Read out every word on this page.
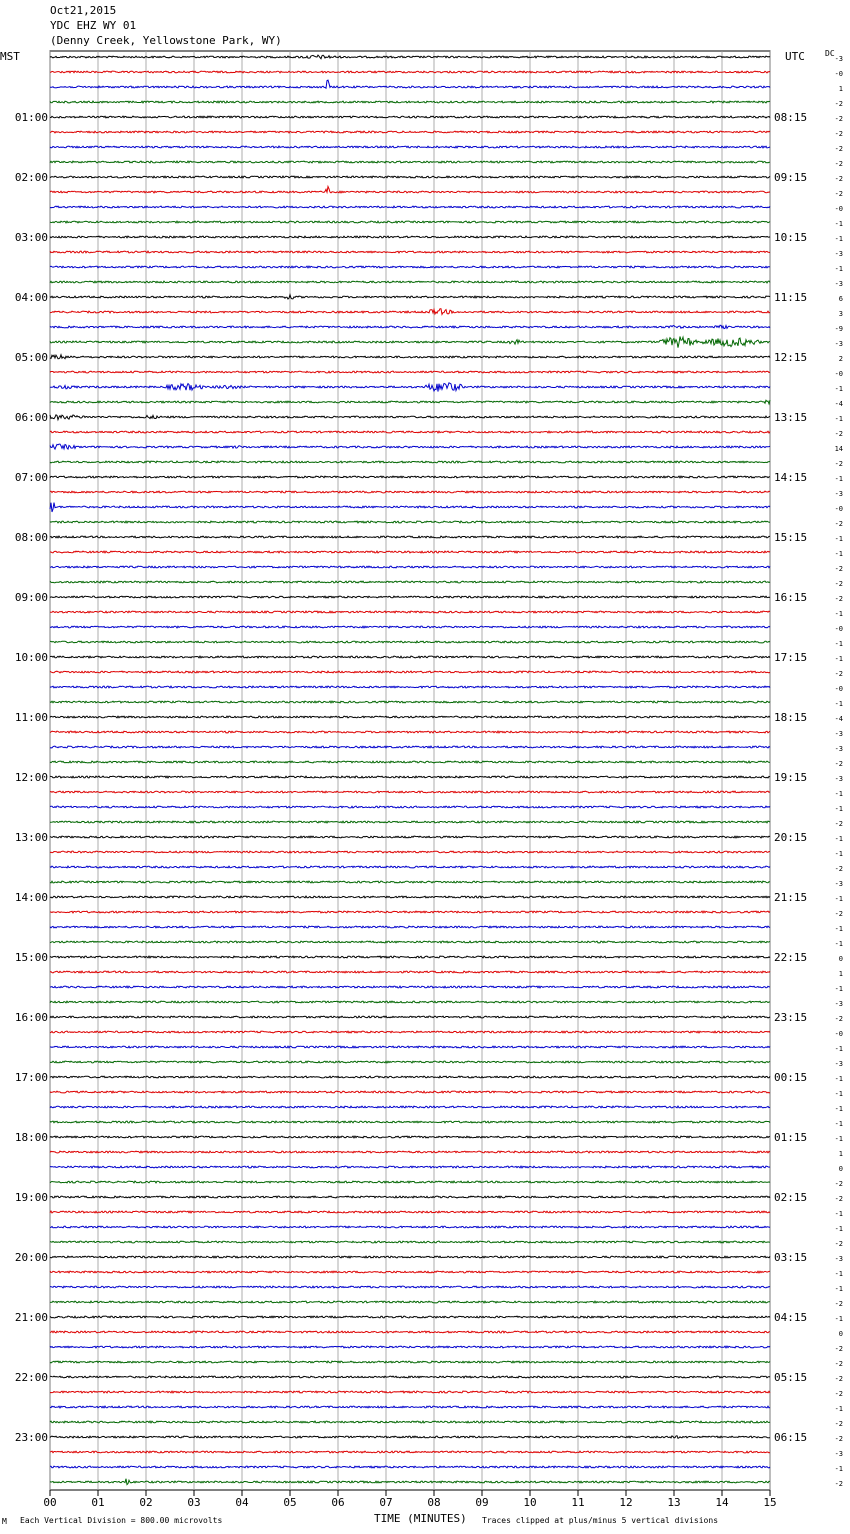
Oct21,2015
YDC EHZ WY 01
(Denny Creek, Yellowstone Park, WY)
MST	UTC	DC
00	01	02	03	04	05	06	07	08	09	10	11	12	13	14	15
-3
-0
1
-2
-2
-2
-2
-2
-2
-2
-0
-1
-1
-3
-1
-3
6
3
-9
-3
2
-0
-1
-4
-1
-2
14
-2
-1
-3
-0
-2
-1
-1
-2
-2
-2
-1
-0
-1
-1
-2
-0
-1
-4
-3
-3
-2
-3
-1
-1
-2
-1
-1
-2
-3
-1
-2
-1
-1
0
1
-1
-3
-2
-0
-1
-3
-1
-1
-1
-1
-1
1
0
-2
-2
-1
-1
-2
-3
-1
-1
-2
-1
0
-2
-2
-2
-2
-1
-2
-2
-3
-1
-2
01:00	08:15
02:00	09:15
03:00	10:15
04:00	11:15
05:00	12:15
06:00	13:15
07:00	14:15
08:00	15:15
09:00	16:15
10:00	17:15
11:00	18:15
12:00	19:15
13:00	20:15
14:00	21:15
15:00	22:15
16:00	23:15
17:00	00:15
18:00	01:15
19:00	02:15
20:00	03:15
21:00	04:15
22:00	05:15
23:00	06:15
M Each Vertical Division = 800.00 microvolts	TIME (MINUTES) Traces clipped at plus/minus 5 vertical divisions
